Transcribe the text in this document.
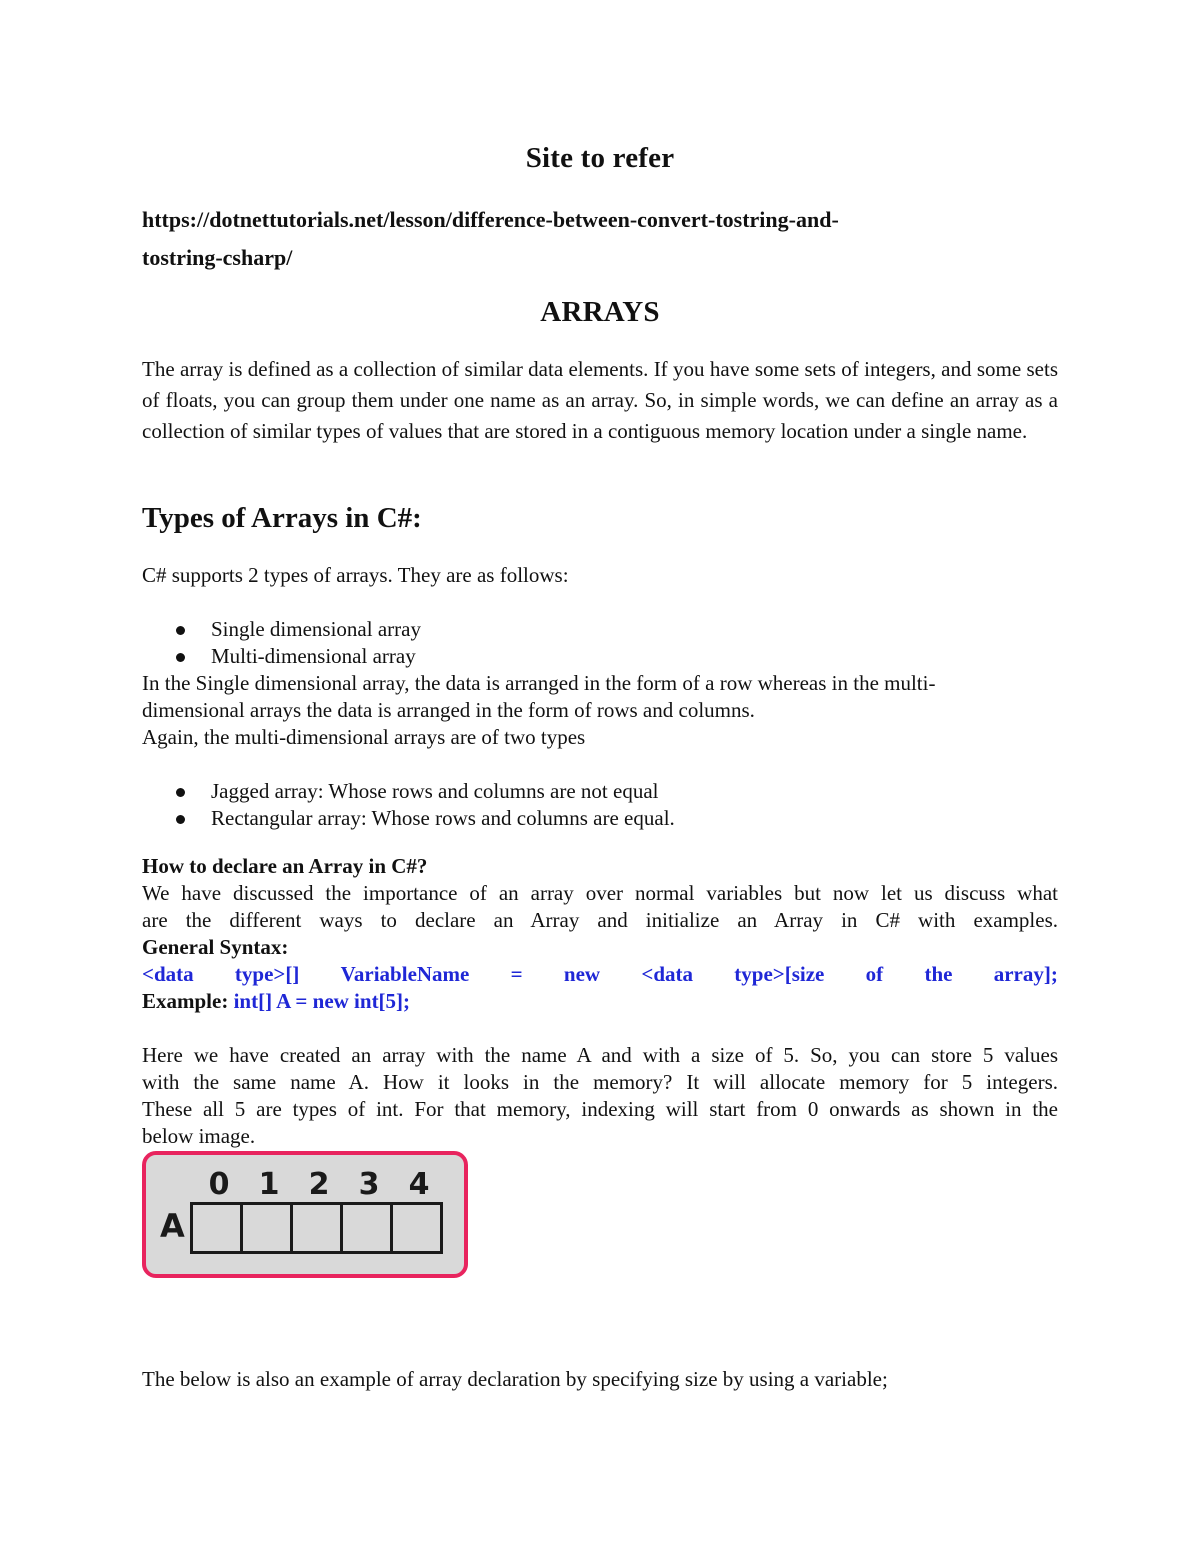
Site to refer
https://dotnettutorials.net/lesson/difference-between-convert-tostring-and-
tostring-csharp/
ARRAYS
The array is defined as a collection of similar data elements. If you have some sets of integers, and some sets of floats, you can group them under one name as an array. So, in simple words, we can define an array as a collection of similar types of values that are stored in a contiguous memory location under a single name.
Types of Arrays in C#:
C# supports 2 types of arrays. They are as follows:
Single dimensional array
Multi-dimensional array
In the Single dimensional array, the data is arranged in the form of a row whereas in the multi-
dimensional arrays the data is arranged in the form of rows and columns.
Again, the multi-dimensional arrays are of two types
Jagged array: Whose rows and columns are not equal
Rectangular array: Whose rows and columns are equal.
How to declare an Array in C#?
We have discussed the importance of an array over normal variables but now let us discuss what
are the different ways to declare an Array and initialize an Array in C# with examples.
General Syntax:
<data type>[] VariableName = new <data type>[size of the array];
Example: int[] A = new int[5];
Here we have created an array with the name A and with a size of 5. So, you can store 5 values
with the same name A. How it looks in the memory? It will allocate memory for 5 integers.
These all 5 are types of int. For that memory, indexing will start from 0 onwards as shown in the
below image.
0 1 2 3 4
A
The below is also an example of array declaration by specifying size by using a variable;
